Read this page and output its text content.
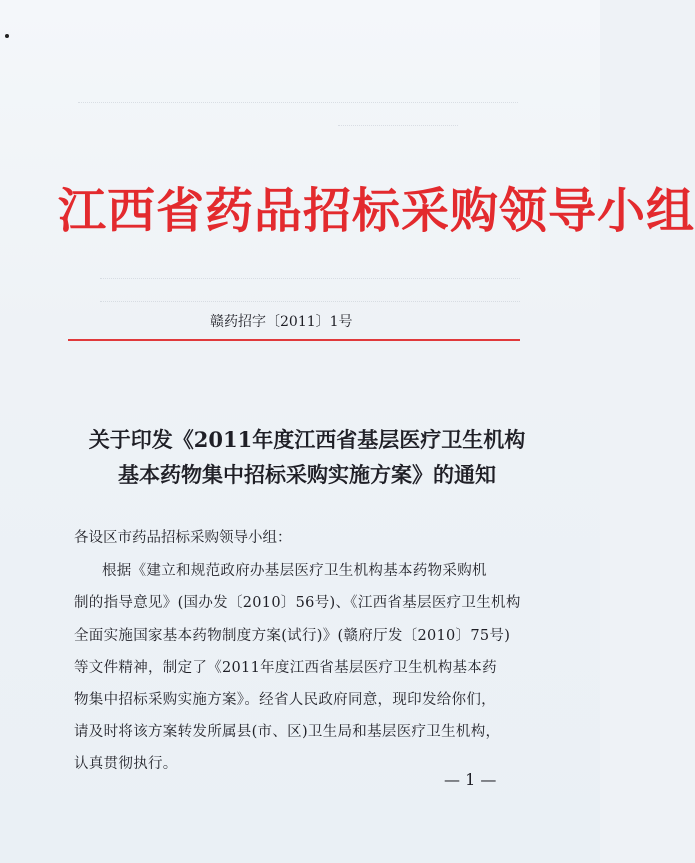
江西省药品招标采购领导小组
赣药招字〔2011〕1号
关于印发《2011年度江西省基层医疗卫生机构
基本药物集中招标采购实施方案》的通知
各设区市药品招标采购领导小组：
根据《建立和规范政府办基层医疗卫生机构基本药物采购机
制的指导意见》(国办发〔2010〕56号)、《江西省基层医疗卫生机构
全面实施国家基本药物制度方案(试行)》(赣府厅发〔2010〕75号)
等文件精神，制定了《2011年度江西省基层医疗卫生机构基本药
物集中招标采购实施方案》。经省人民政府同意，现印发给你们，
请及时将该方案转发所属县(市、区)卫生局和基层医疗卫生机构，
认真贯彻执行。
— 1 —
